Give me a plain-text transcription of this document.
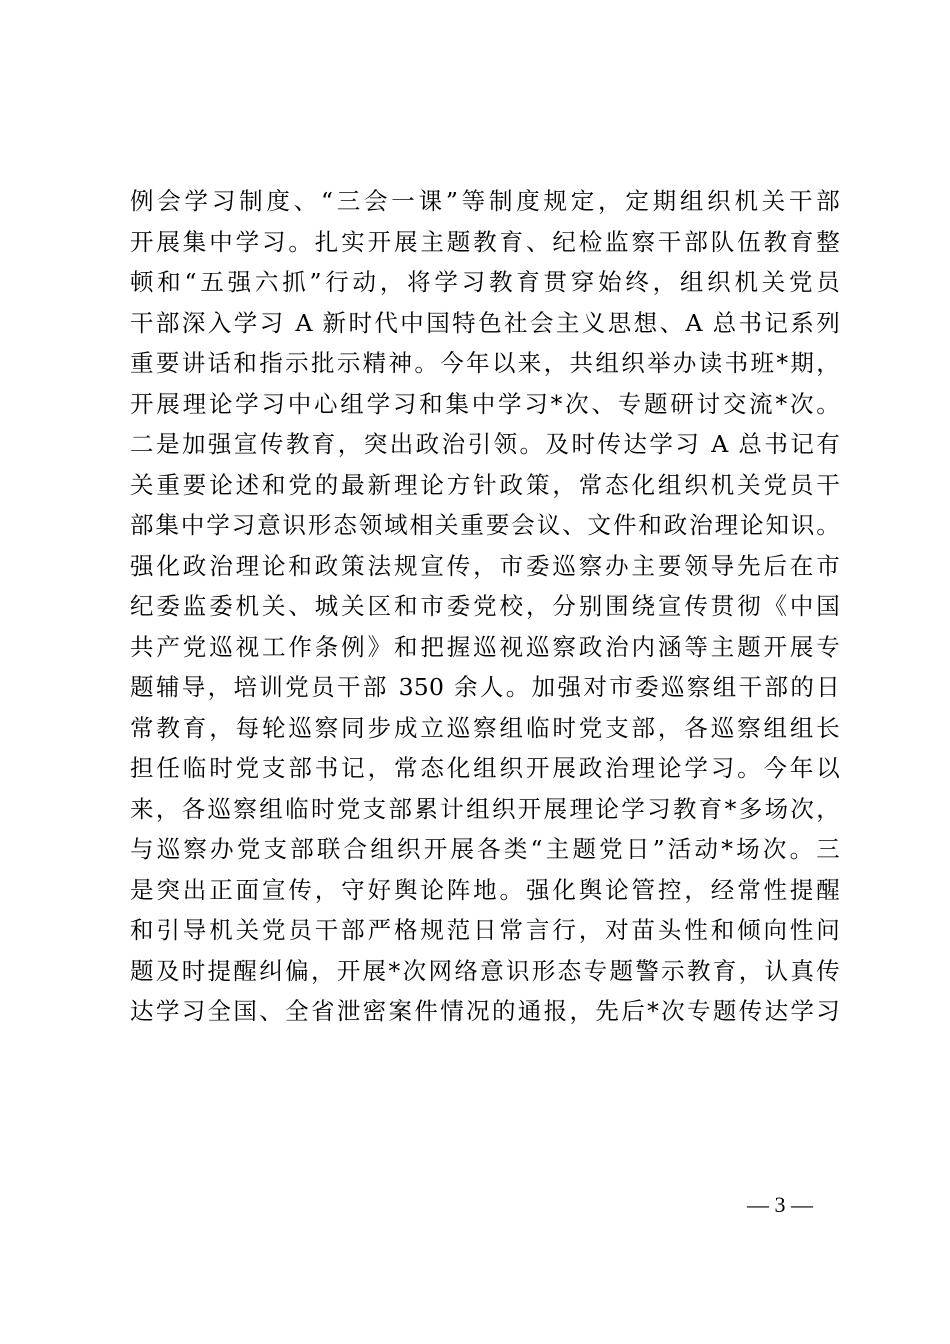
例会学习制度、“三会一课”等制度规定，定期组织机关干部
开展集中学习。扎实开展主题教育、纪检监察干部队伍教育整
顿和“五强六抓”行动，将学习教育贯穿始终，组织机关党员
干部深入学习 A 新时代中国特色社会主义思想、A 总书记系列
重要讲话和指示批示精神。今年以来，共组织举办读书班*期，
开展理论学习中心组学习和集中学习*次、专题研讨交流*次。
二是加强宣传教育，突出政治引领。及时传达学习 A 总书记有
关重要论述和党的最新理论方针政策，常态化组织机关党员干
部集中学习意识形态领域相关重要会议、文件和政治理论知识。
强化政治理论和政策法规宣传，市委巡察办主要领导先后在市
纪委监委机关、城关区和市委党校，分别围绕宣传贯彻《中国
共产党巡视工作条例》和把握巡视巡察政治内涵等主题开展专
题辅导，培训党员干部 350 余人。加强对市委巡察组干部的日
常教育，每轮巡察同步成立巡察组临时党支部，各巡察组组长
担任临时党支部书记，常态化组织开展政治理论学习。今年以
来，各巡察组临时党支部累计组织开展理论学习教育*多场次，
与巡察办党支部联合组织开展各类“主题党日”活动*场次。三
是突出正面宣传，守好舆论阵地。强化舆论管控，经常性提醒
和引导机关党员干部严格规范日常言行，对苗头性和倾向性问
题及时提醒纠偏，开展*次网络意识形态专题警示教育，认真传
达学习全国、全省泄密案件情况的通报，先后*次专题传达学习
— 3 —
